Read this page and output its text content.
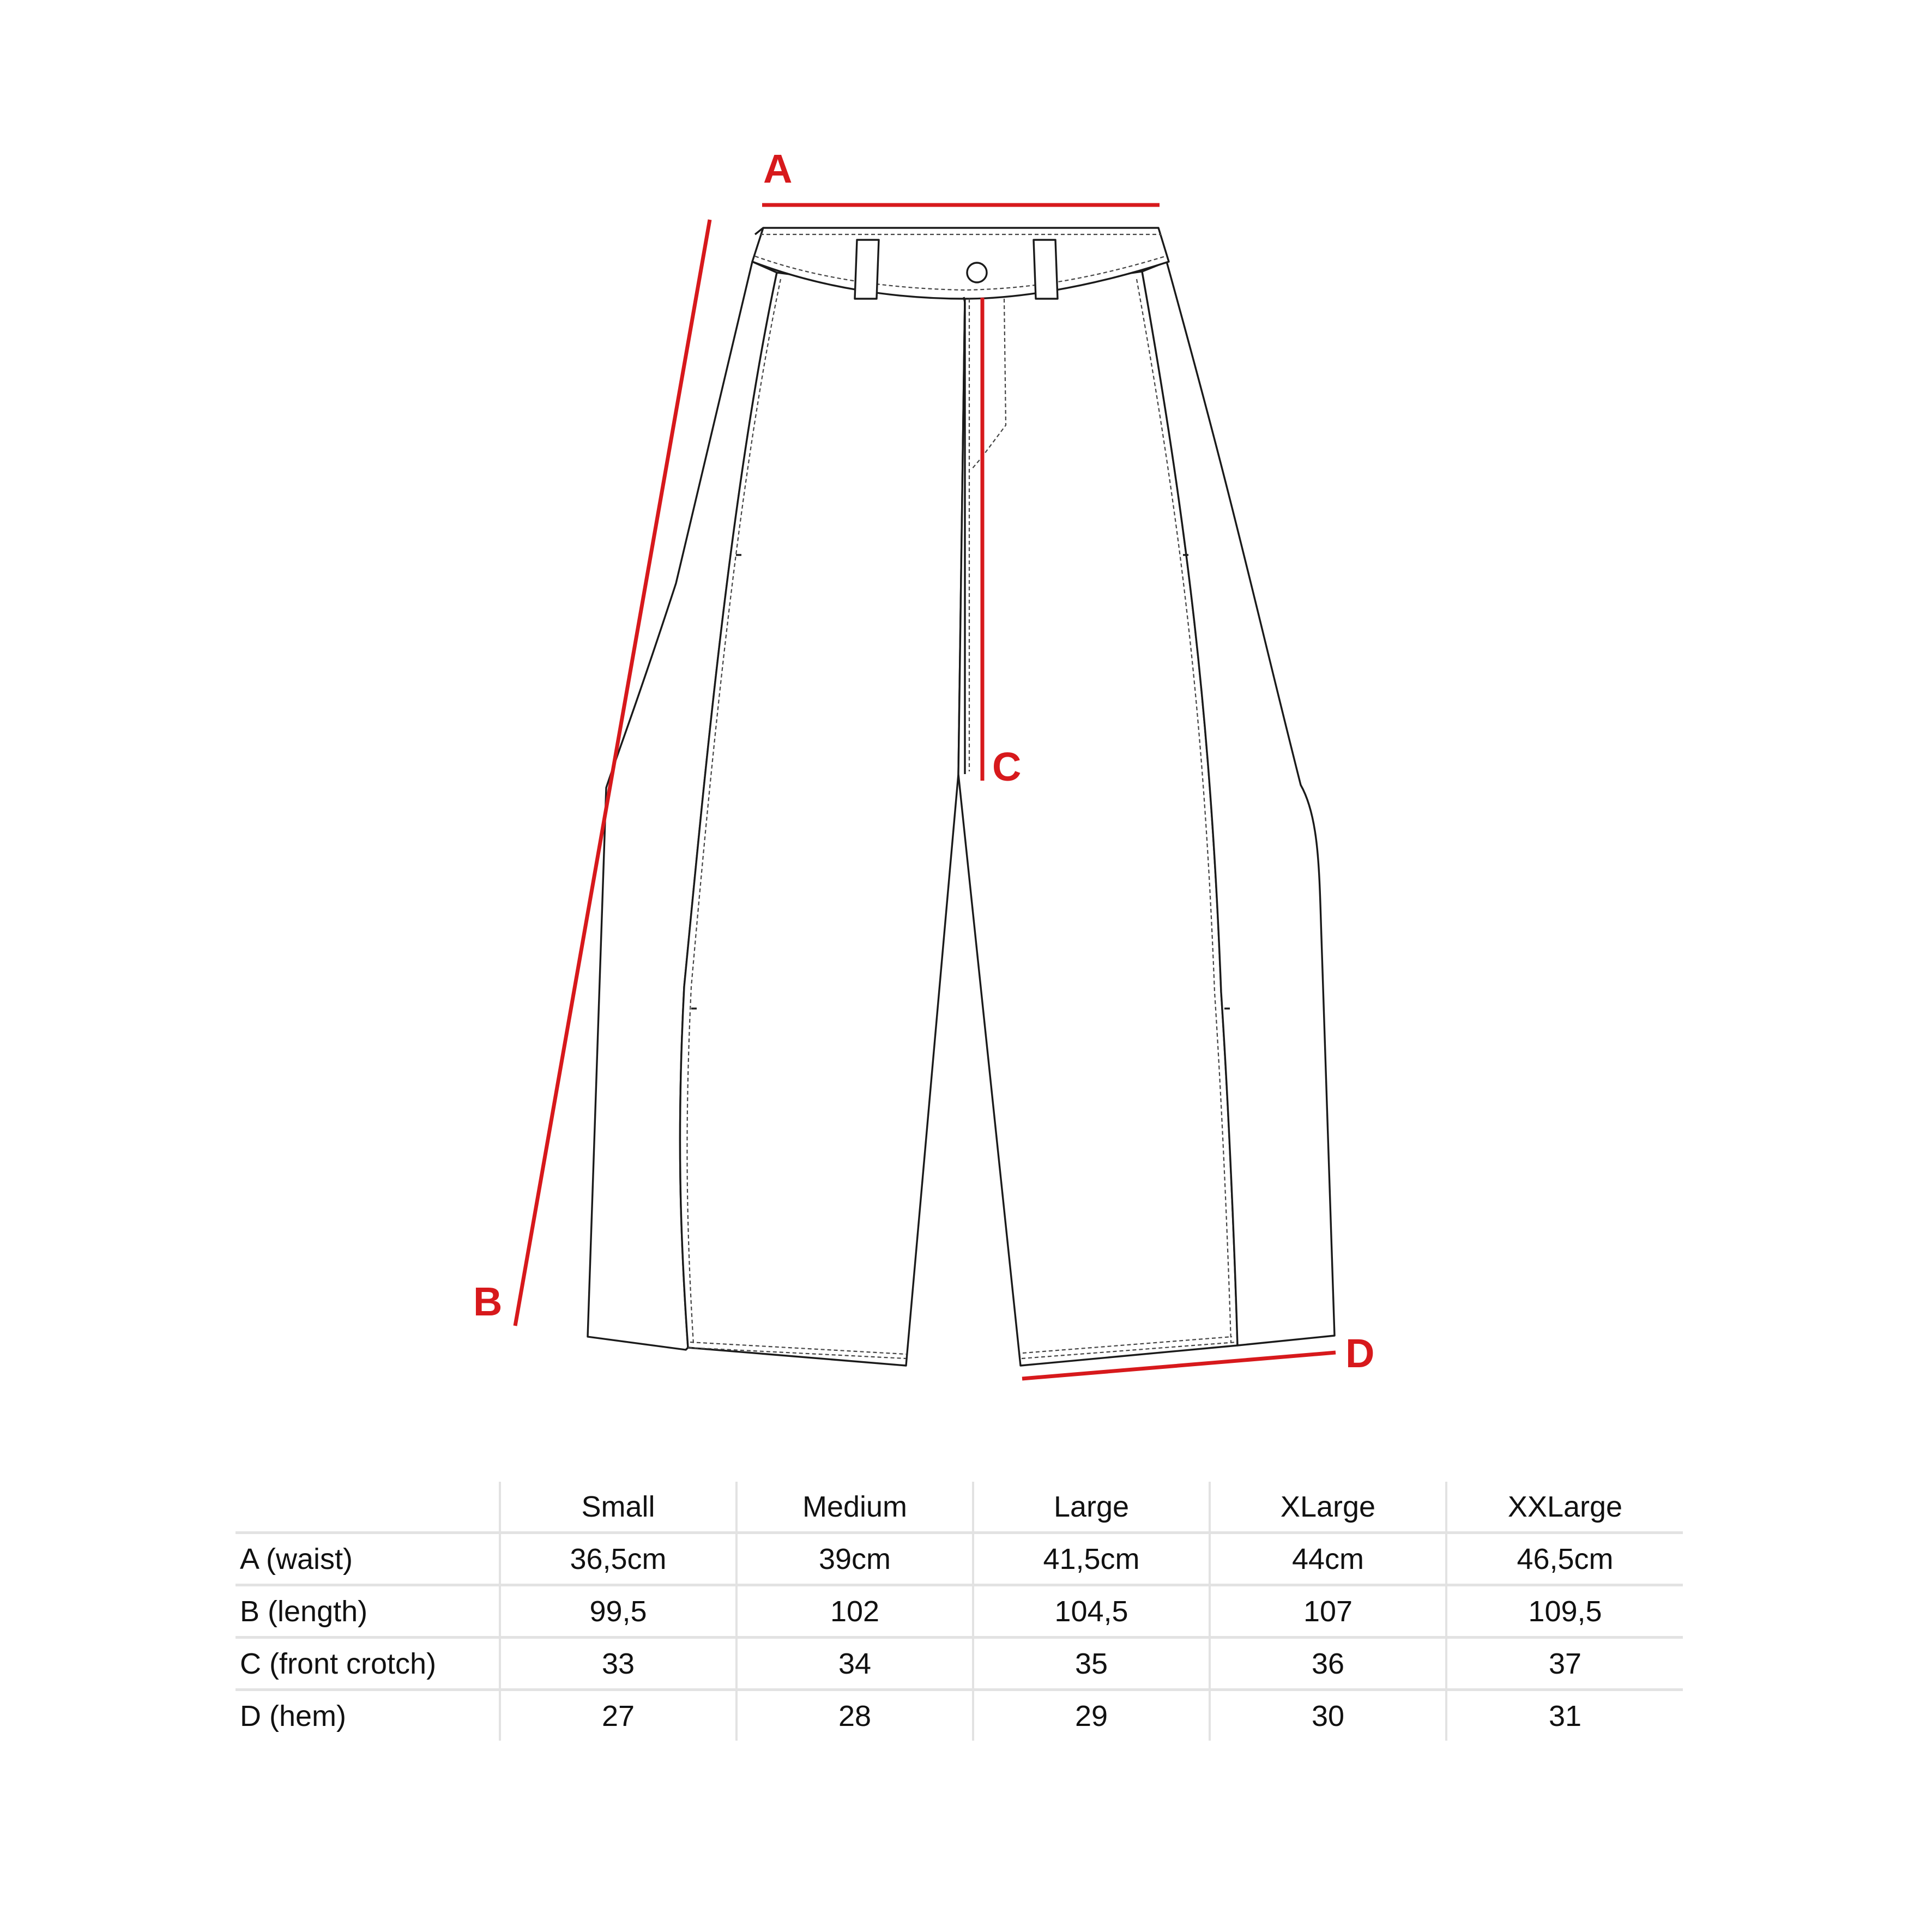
A
B
C
D
	Small	Medium	Large	XLarge	XXLarge
A (waist)	36,5cm	39cm	41,5cm	44cm	46,5cm
B (length)	99,5	102	104,5	107	109,5
C (front crotch)	33	34	35	36	37
D (hem)	27	28	29	30	31
